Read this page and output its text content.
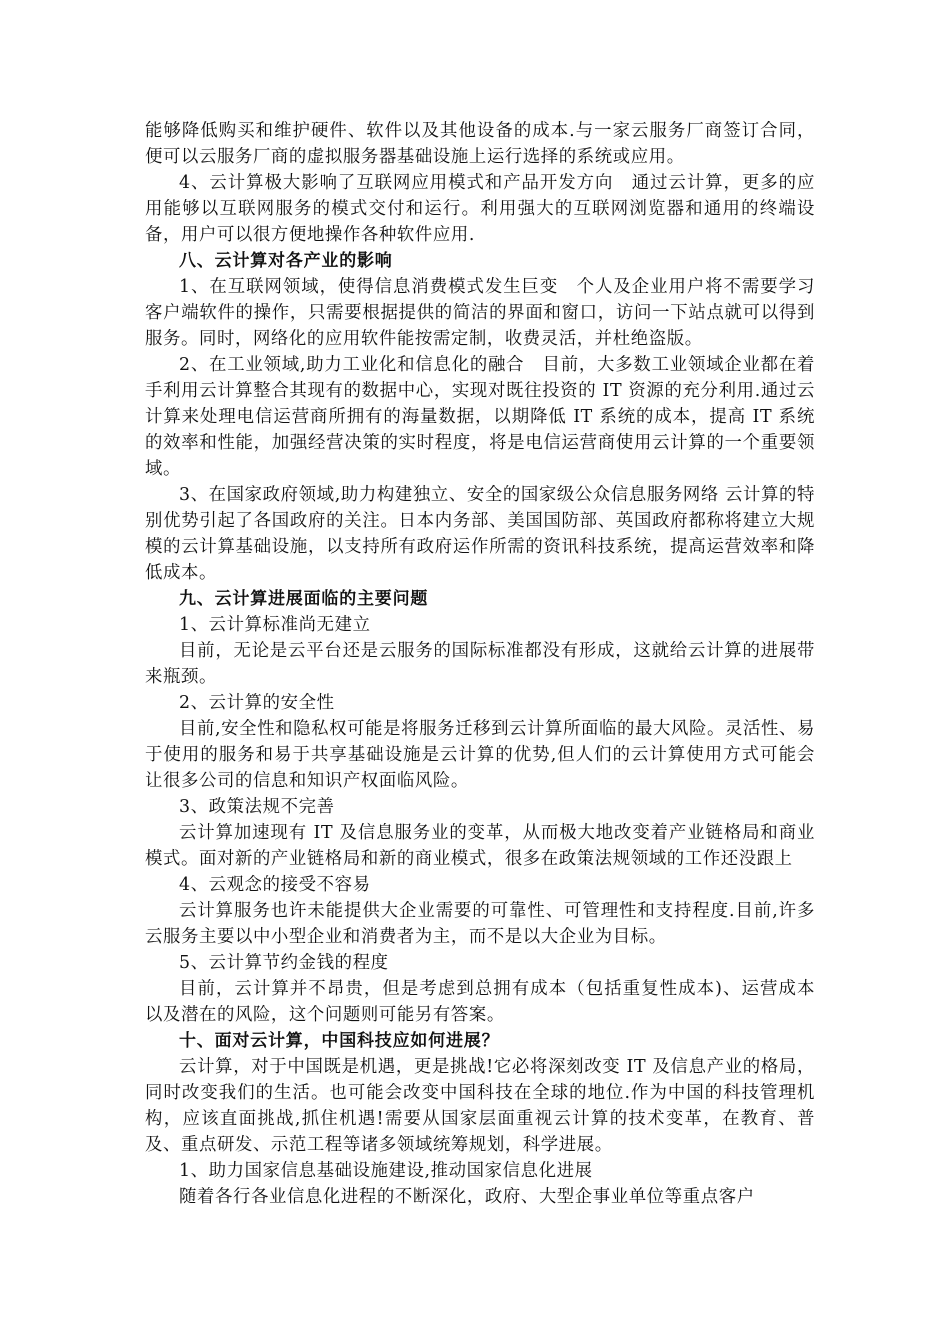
能够降低购买和维护硬件、软件以及其他设备的成本.与一家云服务厂商签订合同，便可以云服务厂商的虚拟服务器基础设施上运行选择的系统或应用。

4、云计算极大影响了互联网应用模式和产品开发方向　通过云计算，更多的应用能够以互联网服务的模式交付和运行。利用强大的互联网浏览器和通用的终端设备，用户可以很方便地操作各种软件应用.

八、云计算对各产业的影响

1、在互联网领域，使得信息消费模式发生巨变　个人及企业用户将不需要学习客户端软件的操作，只需要根据提供的简洁的界面和窗口，访问一下站点就可以得到服务。同时，网络化的应用软件能按需定制，收费灵活，并杜绝盗版。

2、在工业领域,助力工业化和信息化的融合　目前，大多数工业领域企业都在着手利用云计算整合其现有的数据中心，实现对既往投资的 IT 资源的充分利用.通过云计算来处理电信运营商所拥有的海量数据，以期降低 IT 系统的成本，提高 IT 系统的效率和性能，加强经营决策的实时程度，将是电信运营商使用云计算的一个重要领域。

3、在国家政府领域,助力构建独立、安全的国家级公众信息服务网络 云计算的特别优势引起了各国政府的关注。日本内务部、美国国防部、英国政府都称将建立大规模的云计算基础设施，以支持所有政府运作所需的资讯科技系统，提高运营效率和降低成本。

九、云计算进展面临的主要问题

1、云计算标准尚无建立

目前，无论是云平台还是云服务的国际标准都没有形成，这就给云计算的进展带来瓶颈。

2、云计算的安全性

目前,安全性和隐私权可能是将服务迁移到云计算所面临的最大风险。灵活性、易于使用的服务和易于共享基础设施是云计算的优势,但人们的云计算使用方式可能会让很多公司的信息和知识产权面临风险。

3、政策法规不完善

云计算加速现有 IT 及信息服务业的变革，从而极大地改变着产业链格局和商业模式。面对新的产业链格局和新的商业模式，很多在政策法规领域的工作还没跟上

4、云观念的接受不容易

云计算服务也许未能提供大企业需要的可靠性、可管理性和支持程度.目前,许多云服务主要以中小型企业和消费者为主，而不是以大企业为目标。

5、云计算节约金钱的程度

目前，云计算并不昂贵，但是考虑到总拥有成本（包括重复性成本)、运营成本以及潜在的风险，这个问题则可能另有答案。

十、面对云计算，中国科技应如何进展？

云计算，对于中国既是机遇，更是挑战!它必将深刻改变 IT 及信息产业的格局，同时改变我们的生活。也可能会改变中国科技在全球的地位.作为中国的科技管理机构，应该直面挑战,抓住机遇!需要从国家层面重视云计算的技术变革，在教育、普及、重点研发、示范工程等诸多领域统筹规划，科学进展。

1、助力国家信息基础设施建设,推动国家信息化进展

随着各行各业信息化进程的不断深化，政府、大型企事业单位等重点客户
